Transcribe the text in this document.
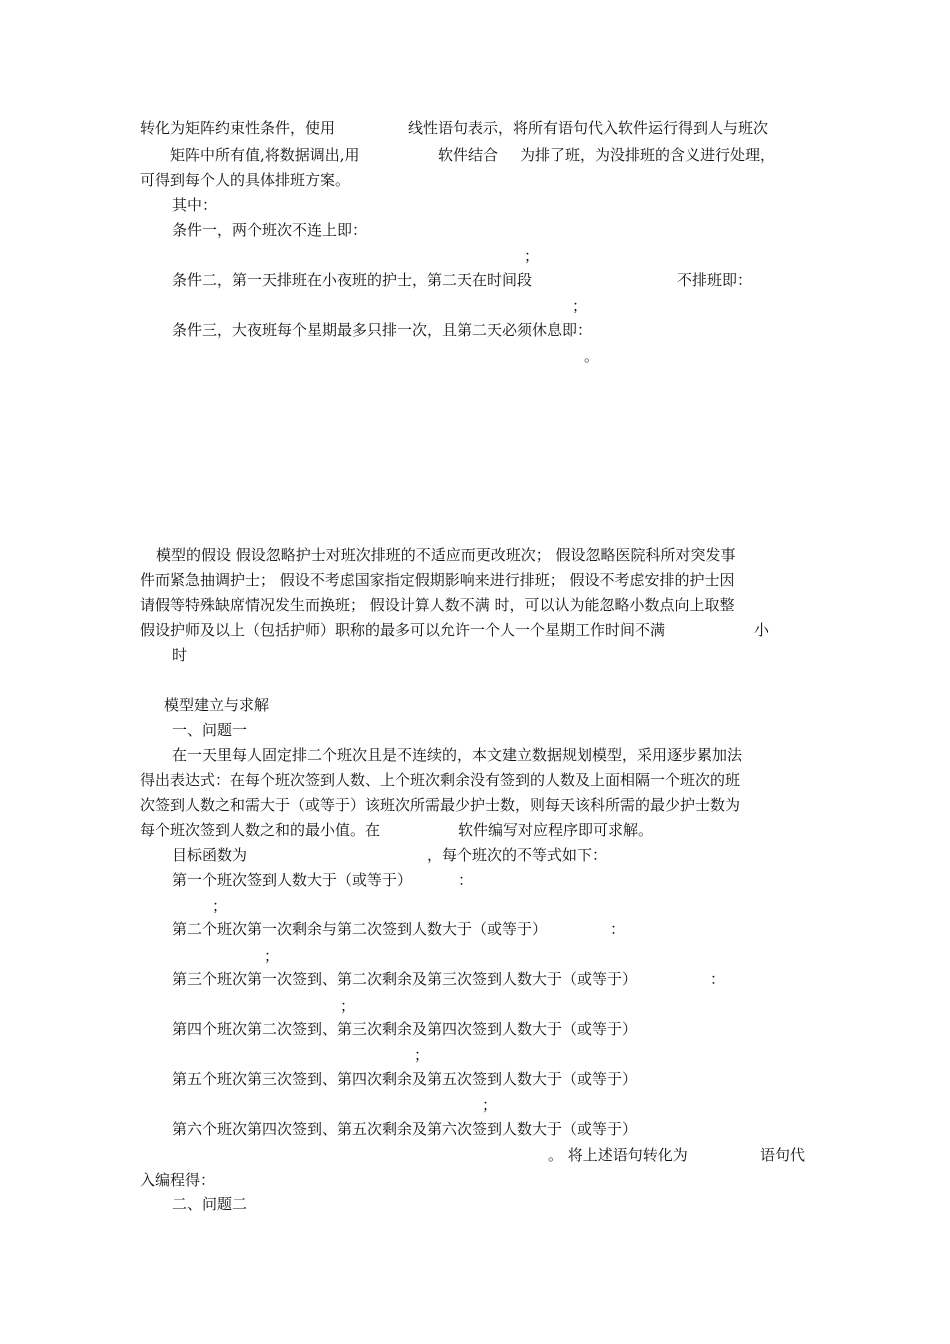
转化为矩阵约束性条件，使用	线性语句表示，将所有语句代入软件运行得到人与班次
矩阵中所有值,将数据调出,用	软件结合 为排了班，为没排班的含义进行处理，
可得到每个人的具体排班方案。
其中：
条件一，两个班次不连上即：
；
条件二，第一天排班在小夜班的护士，第二天在时间段	不排班即：
；
条件三，大夜班每个星期最多只排一次，且第二天必须休息即：
。
模型的假设 假设忽略护士对班次排班的不适应而更改班次； 假设忽略医院科所对突发事
件而紧急抽调护士； 假设不考虑国家指定假期影响来进行排班； 假设不考虑安排的护士因
请假等特殊缺席情况发生而换班； 假设计算人数不满 时，可以认为能忽略小数点向上取整
假设护师及以上（包括护师）职称的最多可以允许一个人一个星期工作时间不满	小
时
模型建立与求解
一、问题一
在一天里每人固定排二个班次且是不连续的，本文建立数据规划模型，采用逐步累加法
得出表达式：在每个班次签到人数、上个班次剩余没有签到的人数及上面相隔一个班次的班
次签到人数之和需大于（或等于）该班次所需最少护士数，则每天该科所需的最少护士数为
每个班次签到人数之和的最小值。在	软件编写对应程序即可求解。
目标函数为	，每个班次的不等式如下：
第一个班次签到人数大于（或等于）	：
；
第二个班次第一次剩余与第二次签到人数大于（或等于）	：
；
第三个班次第一次签到、第二次剩余及第三次签到人数大于（或等于）	：
；
第四个班次第二次签到、第三次剩余及第四次签到人数大于（或等于）
；
第五个班次第三次签到、第四次剩余及第五次签到人数大于（或等于）
；
第六个班次第四次签到、第五次剩余及第六次签到人数大于（或等于）
。 将上述语句转化为	语句代
入编程得：
二、问题二
